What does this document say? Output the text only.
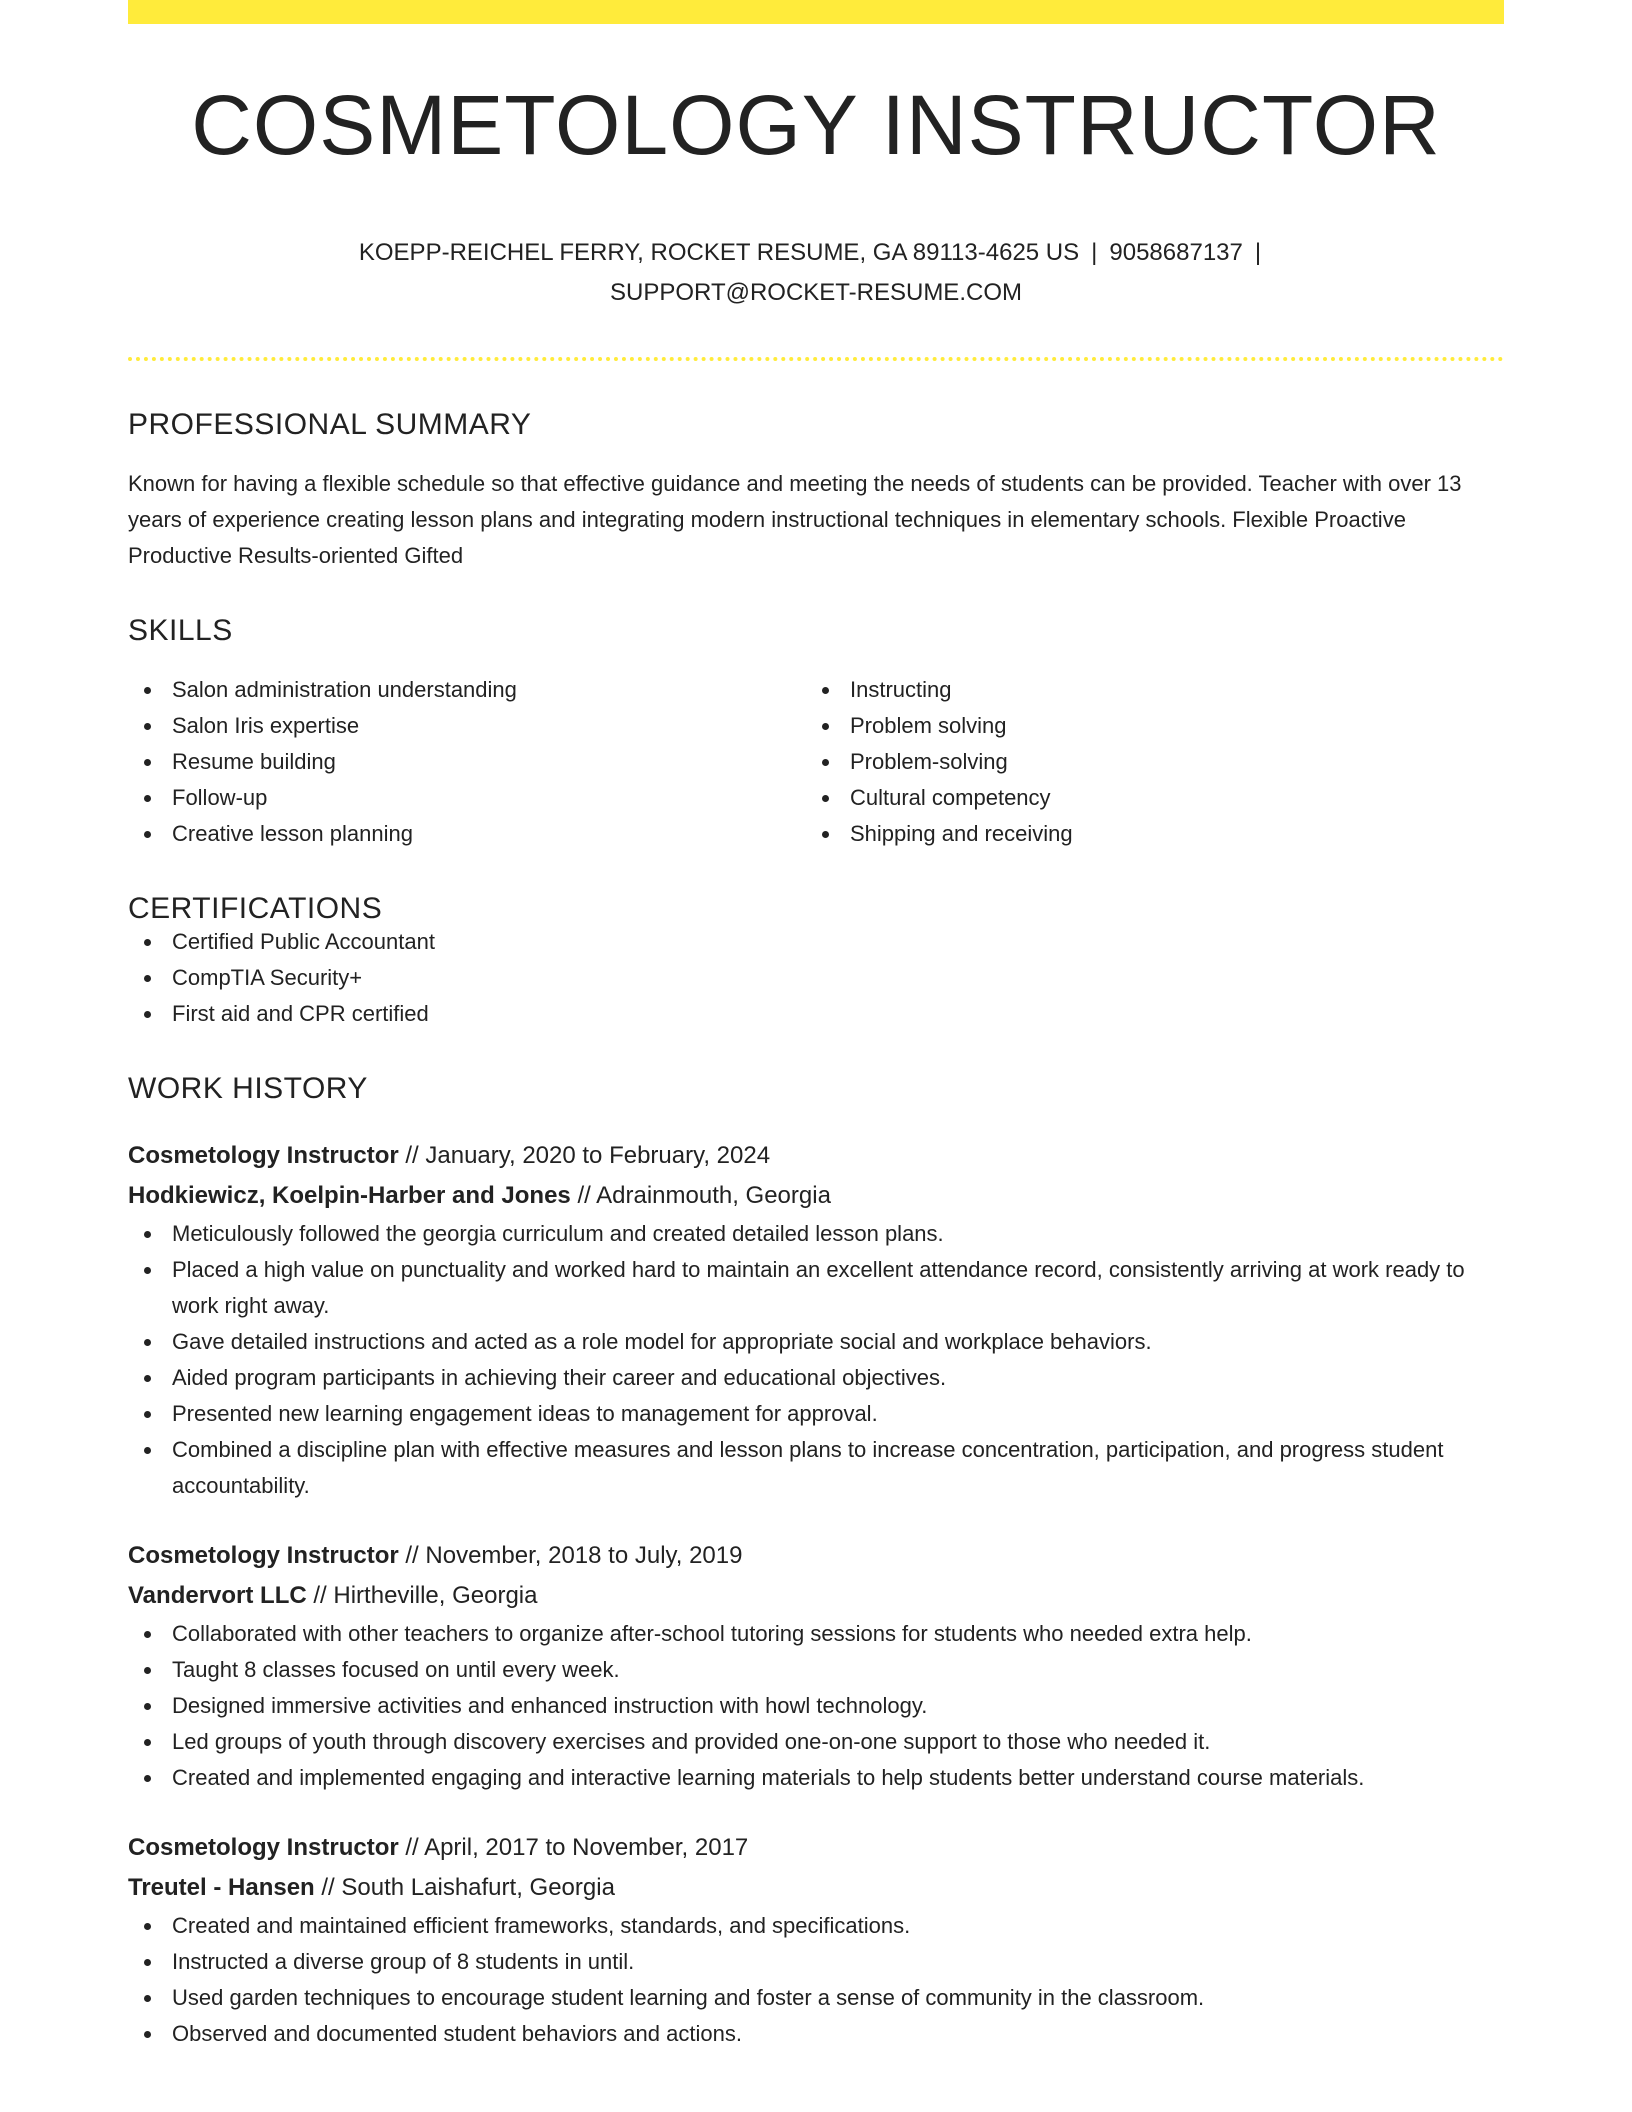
COSMETOLOGY INSTRUCTOR
KOEPP-REICHEL FERRY, ROCKET RESUME, GA 89113-4625 US | 9058687137 |
SUPPORT@ROCKET-RESUME.COM
PROFESSIONAL SUMMARY
Known for having a flexible schedule so that effective guidance and meeting the needs of students can be provided. Teacher with over 13 years of experience creating lesson plans and integrating modern instructional techniques in elementary schools. Flexible Proactive Productive Results-oriented Gifted
SKILLS
Salon administration understanding
Salon Iris expertise
Resume building
Follow-up
Creative lesson planning
Instructing
Problem solving
Problem-solving
Cultural competency
Shipping and receiving
CERTIFICATIONS
Certified Public Accountant
CompTIA Security+
First aid and CPR certified
WORK HISTORY
Cosmetology Instructor // January, 2020 to February, 2024
Hodkiewicz, Koelpin-Harber and Jones // Adrainmouth, Georgia
Meticulously followed the georgia curriculum and created detailed lesson plans.
Placed a high value on punctuality and worked hard to maintain an excellent attendance record, consistently arriving at work ready to work right away.
Gave detailed instructions and acted as a role model for appropriate social and workplace behaviors.
Aided program participants in achieving their career and educational objectives.
Presented new learning engagement ideas to management for approval.
Combined a discipline plan with effective measures and lesson plans to increase concentration, participation, and progress student accountability.
Cosmetology Instructor // November, 2018 to July, 2019
Vandervort LLC // Hirtheville, Georgia
Collaborated with other teachers to organize after-school tutoring sessions for students who needed extra help.
Taught 8 classes focused on until every week.
Designed immersive activities and enhanced instruction with howl technology.
Led groups of youth through discovery exercises and provided one-on-one support to those who needed it.
Created and implemented engaging and interactive learning materials to help students better understand course materials.
Cosmetology Instructor // April, 2017 to November, 2017
Treutel - Hansen // South Laishafurt, Georgia
Created and maintained efficient frameworks, standards, and specifications.
Instructed a diverse group of 8 students in until.
Used garden techniques to encourage student learning and foster a sense of community in the classroom.
Observed and documented student behaviors and actions.
